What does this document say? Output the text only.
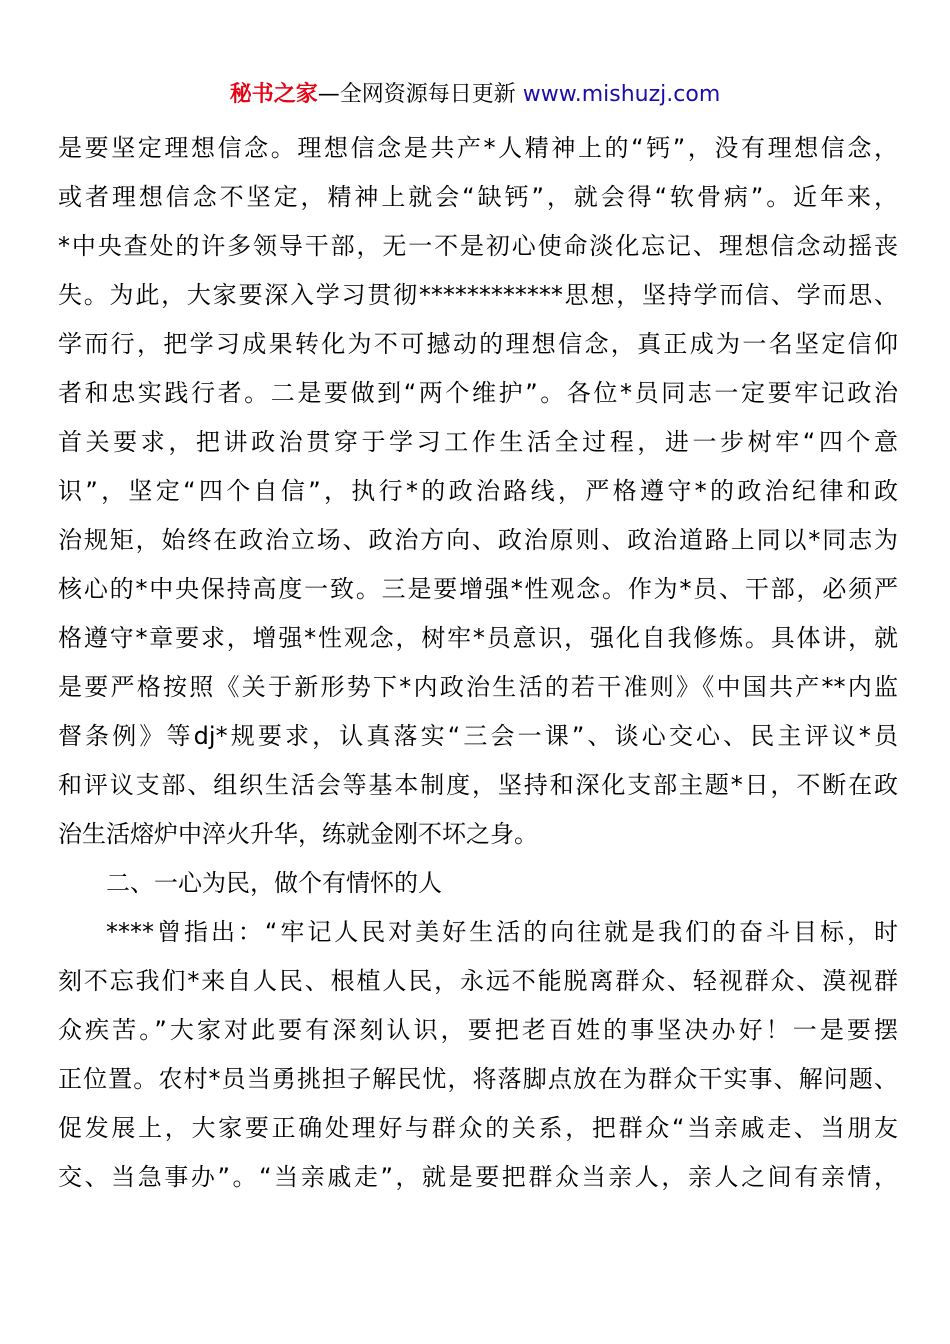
秘书之家—全网资源每日更新 www.mishuzj.com
是要坚定理想信念。理想信念是共产*人精神上的“钙”，没有理想信念，
或者理想信念不坚定，精神上就会“缺钙”，就会得“软骨病”。近年来，
*中央查处的许多领导干部，无一不是初心使命淡化忘记、理想信念动摇丧
失。为此，大家要深入学习贯彻************思想，坚持学而信、学而思、
学而行，把学习成果转化为不可撼动的理想信念，真正成为一名坚定信仰
者和忠实践行者。二是要做到“两个维护”。各位*员同志一定要牢记政治
首关要求，把讲政治贯穿于学习工作生活全过程，进一步树牢“四个意
识”，坚定“四个自信”，执行*的政治路线，严格遵守*的政治纪律和政
治规矩，始终在政治立场、政治方向、政治原则、政治道路上同以*同志为
核心的*中央保持高度一致。三是要增强*性观念。作为*员、干部，必须严
格遵守*章要求，增强*性观念，树牢*员意识，强化自我修炼。具体讲，就
是要严格按照《关于新形势下*内政治生活的若干准则》《中国共产**内监
督条例》等dj*规要求，认真落实“三会一课”、谈心交心、民主评议*员
和评议支部、组织生活会等基本制度，坚持和深化支部主题*日，不断在政
治生活熔炉中淬火升华，练就金刚不坏之身。
二、一心为民，做个有情怀的人
****曾指出：“牢记人民对美好生活的向往就是我们的奋斗目标，时
刻不忘我们*来自人民、根植人民，永远不能脱离群众、轻视群众、漠视群
众疾苦。”大家对此要有深刻认识，要把老百姓的事坚决办好！一是要摆
正位置。农村*员当勇挑担子解民忧，将落脚点放在为群众干实事、解问题、
促发展上，大家要正确处理好与群众的关系，把群众“当亲戚走、当朋友
交、当急事办”。“当亲戚走”，就是要把群众当亲人，亲人之间有亲情，
